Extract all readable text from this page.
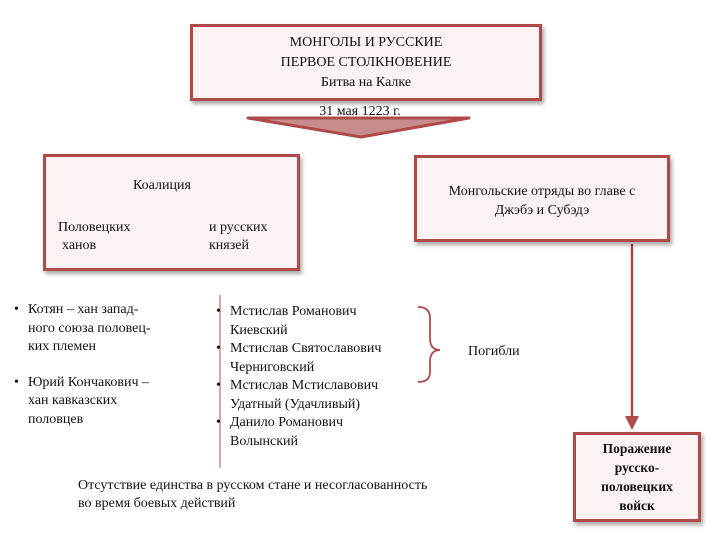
МОНГОЛЫ И РУССКИЕ
ПЕРВОЕ СТОЛКНОВЕНИЕ
Битва на Калке
31 мая 1223 г.
Коалиция
Половецких
ханов
и русских
князей
Монгольские отряды во главе с
Джэбэ и Субэдэ
• Котян – хан запад-
ного союза половец-
ких племен
• Юрий Кончакович –
хан кавказских
половцев
• Мстислав Романович
Киевский
• Мстислав Святославович
Черниговский
• Мстислав Мстиславович
Удатный (Удачливый)
• Данило Романович
Волынский
Погибли
Отсутствие единства в русском стане и несогласованность
во время боевых действий
Поражение
русско-
половецких
войск
